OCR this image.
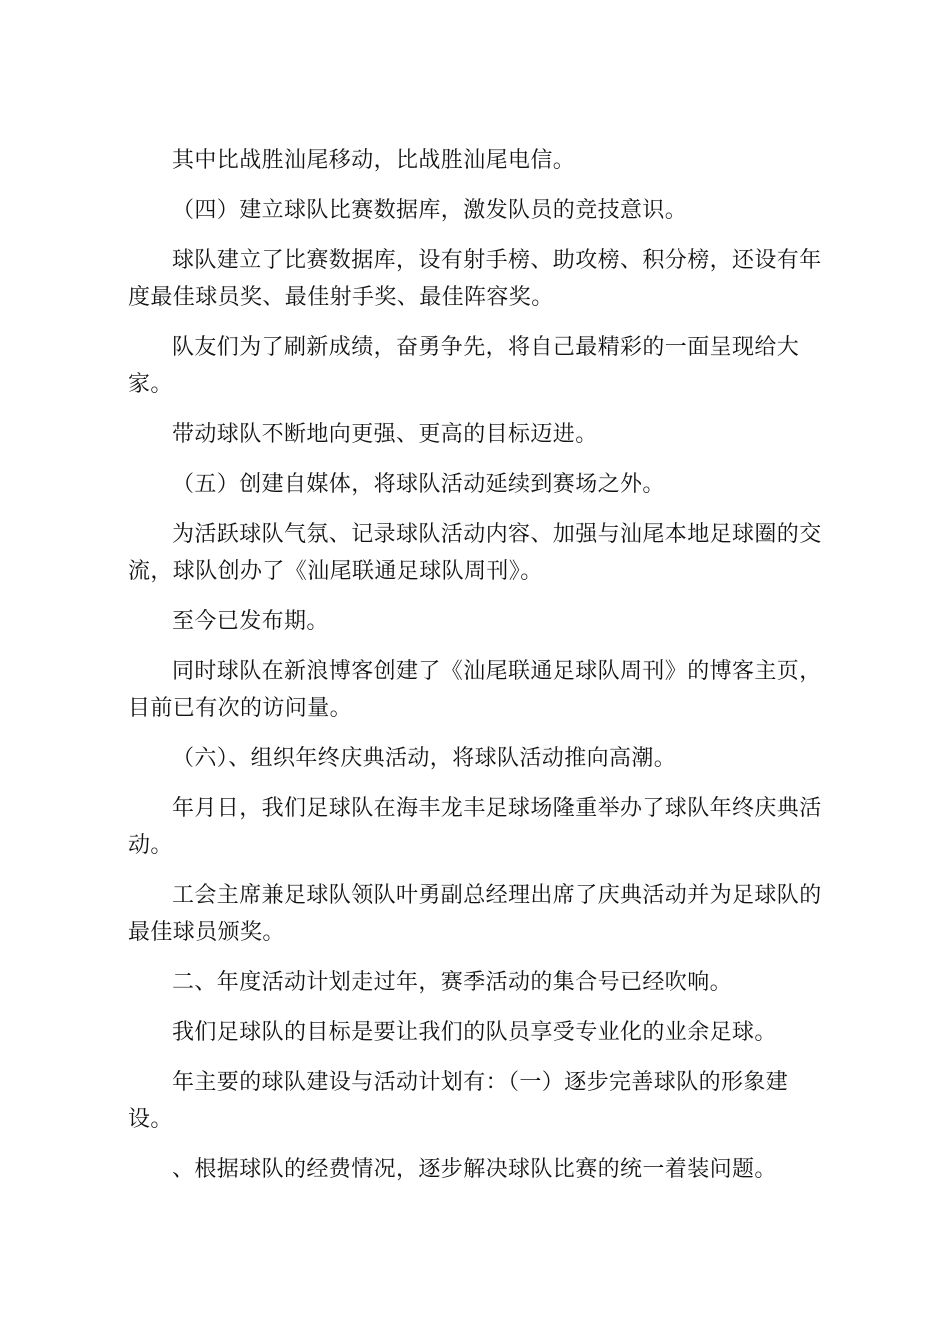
其中比战胜汕尾移动，比战胜汕尾电信。

（四）建立球队比赛数据库，激发队员的竞技意识。

球队建立了比赛数据库，设有射手榜、助攻榜、积分榜，还设有年度最佳球员奖、最佳射手奖、最佳阵容奖。

队友们为了刷新成绩，奋勇争先，将自己最精彩的一面呈现给大家。

带动球队不断地向更强、更高的目标迈进。

（五）创建自媒体，将球队活动延续到赛场之外。

为活跃球队气氛、记录球队活动内容、加强与汕尾本地足球圈的交流，球队创办了《汕尾联通足球队周刊》。

至今已发布期。

同时球队在新浪博客创建了《汕尾联通足球队周刊》的博客主页，目前已有次的访问量。

（六）、组织年终庆典活动，将球队活动推向高潮。

年月日，我们足球队在海丰龙丰足球场隆重举办了球队年终庆典活动。

工会主席兼足球队领队叶勇副总经理出席了庆典活动并为足球队的最佳球员颁奖。

二、年度活动计划走过年，赛季活动的集合号已经吹响。

我们足球队的目标是要让我们的队员享受专业化的业余足球。

年主要的球队建设与活动计划有：（一）逐步完善球队的形象建设。

、根据球队的经费情况，逐步解决球队比赛的统一着装问题。
